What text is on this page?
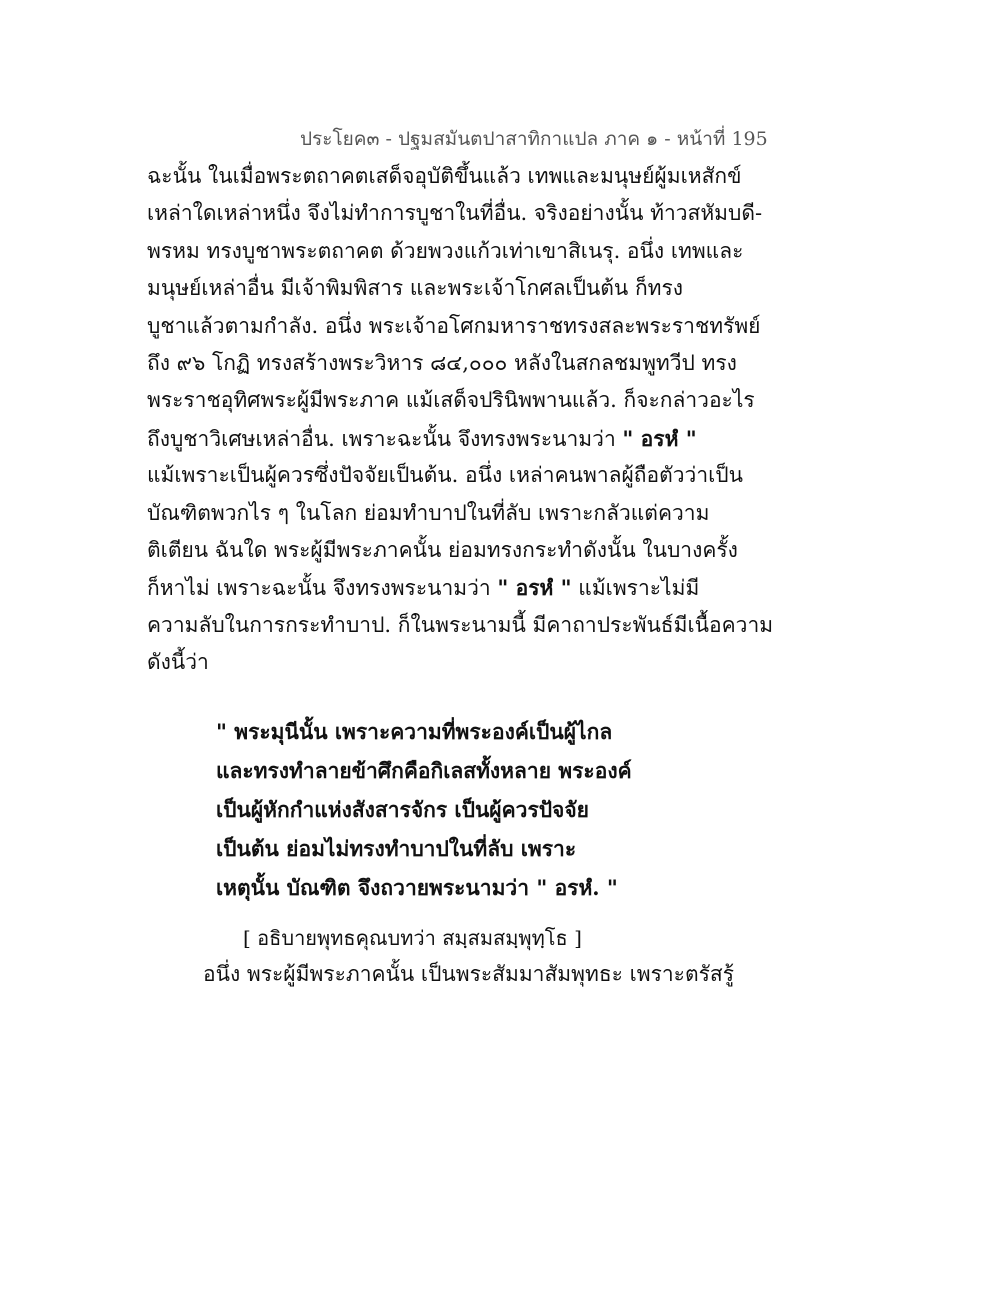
ประโยค๓ - ปฐมสมันตปาสาทิกาแปล ภาค ๑ - หน้าที่ 195
ฉะนั้น ในเมื่อพระตถาคตเสด็จอุบัติขึ้นแล้ว เทพและมนุษย์ผู้มเหสักข์
เหล่าใดเหล่าหนึ่ง จึงไม่ทำการบูชาในที่อื่น. จริงอย่างนั้น ท้าวสหัมบดี-
พรหม ทรงบูชาพระตถาคต ด้วยพวงแก้วเท่าเขาสิเนรุ. อนึ่ง เทพและ
มนุษย์เหล่าอื่น มีเจ้าพิมพิสาร และพระเจ้าโกศลเป็นต้น ก็ทรง
บูชาแล้วตามกำลัง. อนึ่ง พระเจ้าอโศกมหาราชทรงสละพระราชทรัพย์
ถึง ๙๖ โกฏิ ทรงสร้างพระวิหาร ๘๔,๐๐๐ หลังในสกลชมพูทวีป ทรง
พระราชอุทิศพระผู้มีพระภาค แม้เสด็จปรินิพพานแล้ว. ก็จะกล่าวอะไร
ถึงบูชาวิเศษเหล่าอื่น. เพราะฉะนั้น จึงทรงพระนามว่า " อรหํ "
แม้เพราะเป็นผู้ควรซึ่งปัจจัยเป็นต้น. อนึ่ง เหล่าคนพาลผู้ถือตัวว่าเป็น
บัณฑิตพวกไร ๆ ในโลก ย่อมทำบาปในที่ลับ เพราะกลัวแต่ความ
ติเตียน ฉันใด พระผู้มีพระภาคนั้น ย่อมทรงกระทำดังนั้น ในบางครั้ง
ก็หาไม่ เพราะฉะนั้น จึงทรงพระนามว่า " อรหํ " แม้เพราะไม่มี
ความลับในการกระทำบาป. ก็ในพระนามนี้ มีคาถาประพันธ์มีเนื้อความ
ดังนี้ว่า
" พระมุนีนั้น เพราะความที่พระองค์เป็นผู้ไกล
และทรงทำลายข้าศึกคือกิเลสทั้งหลาย พระองค์
เป็นผู้หักกำแห่งสังสารจักร เป็นผู้ควรปัจจัย
เป็นต้น ย่อมไม่ทรงทำบาปในที่ลับ เพราะ
เหตุนั้น บัณฑิต จึงถวายพระนามว่า " อรหํ. "
[ อธิบายพุทธคุณบทว่า สมฺสมสมฺพุทฺโธ ]
อนึ่ง พระผู้มีพระภาคนั้น เป็นพระสัมมาสัมพุทธะ เพราะตรัสรู้
